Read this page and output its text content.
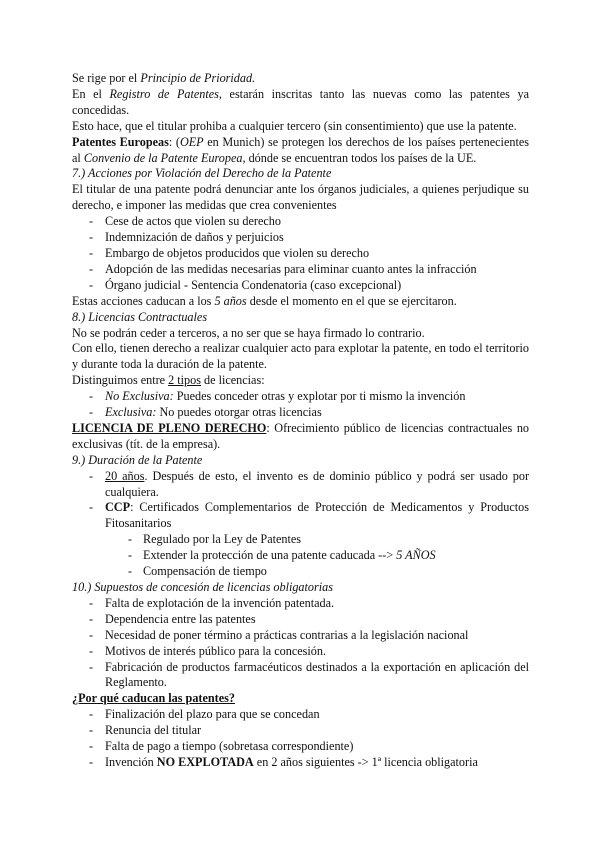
Se rige por el Principio de Prioridad.

En el Registro de Patentes, estarán inscritas tanto las nuevas como las patentes ya concedidas.

Esto hace, que el titular prohiba a cualquier tercero (sin consentimiento) que use la patente.

Patentes Europeas: (OEP en Munich) se protegen los derechos de los países pertenecientes al Convenio de la Patente Europea, dónde se encuentran todos los países de la UE.

7.) Acciones por Violación del Derecho de la Patente

El titular de una patente podrá denunciar ante los órganos judiciales, a quienes perjudique su derecho, e imponer las medidas que crea convenientes

- Cese de actos que violen su derecho

- Indemnización de daños y perjuicios

- Embargo de objetos producidos que violen su derecho

- Adopción de las medidas necesarias para eliminar cuanto antes la infracción

- Órgano judicial - Sentencia Condenatoria (caso excepcional)

Estas acciones caducan a los 5 años desde el momento en el que se ejercitaron.

8.) Licencias Contractuales

No se podrán ceder a terceros, a no ser que se haya firmado lo contrario.

Con ello, tienen derecho a realizar cualquier acto para explotar la patente, en todo el territorio y durante toda la duración de la patente.

Distinguimos entre 2 tipos de licencias:

- No Exclusiva: Puedes conceder otras y explotar por ti mismo la invención

- Exclusiva: No puedes otorgar otras licencias

LICENCIA DE PLENO DERECHO: Ofrecimiento público de licencias contractuales no exclusivas (tít. de la empresa).

9.) Duración de la Patente

- 20 años. Después de esto, el invento es de dominio público y podrá ser usado por cualquiera.

- CCP: Certificados Complementarios de Protección de Medicamentos y Productos Fitosanitarios

- Regulado por la Ley de Patentes

- Extender la protección de una patente caducada --> 5 AÑOS

- Compensación de tiempo

10.) Supuestos de concesión de licencias obligatorias

- Falta de explotación de la invención patentada.

- Dependencia entre las patentes

- Necesidad de poner término a prácticas contrarias a la legislación nacional

- Motivos de interés público para la concesión.

- Fabricación de productos farmacéuticos destinados a la exportación en aplicación del Reglamento.

¿Por qué caducan las patentes?

- Finalización del plazo para que se concedan

- Renuncia del titular

- Falta de pago a tiempo (sobretasa correspondiente)

- Invención NO EXPLOTADA en 2 años siguientes -> 1ª licencia obligatoria
